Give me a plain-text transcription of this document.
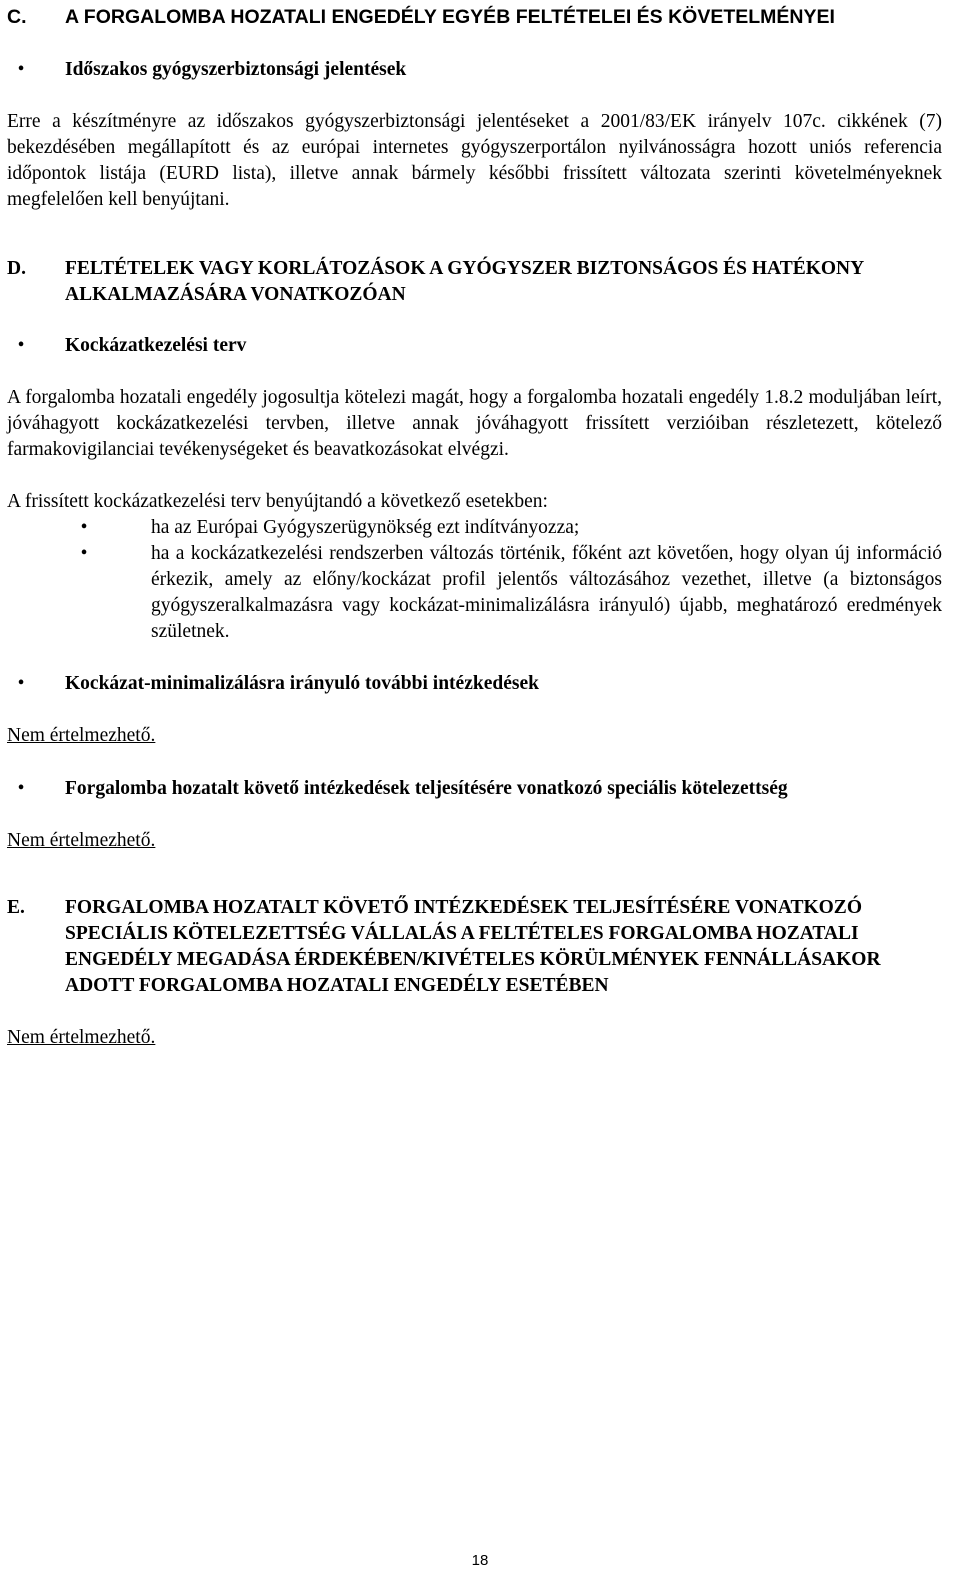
C. A FORGALOMBA HOZATALI ENGEDÉLY EGYÉB FELTÉTELEI ÉS KÖVETELMÉNYEI
•	Időszakos gyógyszerbiztonsági jelentések

Erre a készítményre az időszakos gyógyszerbiztonsági jelentéseket a 2001/83/EK irányelv 107c. cikkének (7) bekezdésében megállapított és az európai internetes gyógyszerportálon nyilvánosságra hozott uniós referencia időpontok listája (EURD lista), illetve annak bármely későbbi frissített változata szerinti követelményeknek megfelelően kell benyújtani.

D. FELTÉTELEK VAGY KORLÁTOZÁSOK A GYÓGYSZER BIZTONSÁGOS ÉS HATÉKONY ALKALMAZÁSÁRA VONATKOZÓAN
•	Kockázatkezelési terv

A forgalomba hozatali engedély jogosultja kötelezi magát, hogy a forgalomba hozatali engedély 1.8.2 moduljában leírt, jóváhagyott kockázatkezelési tervben, illetve annak jóváhagyott frissített verzióiban részletezett, kötelező farmakovigilanciai tevékenységeket és beavatkozásokat elvégzi.

A frissített kockázatkezelési terv benyújtandó a következő esetekben:

•	ha az Európai Gyógyszerügynökség ezt indítványozza;
•	ha a kockázatkezelési rendszerben változás történik, főként azt követően, hogy olyan új információ érkezik, amely az előny/kockázat profil jelentős változásához vezethet, illetve (a biztonságos gyógyszeralkalmazásra vagy kockázat-minimalizálásra irányuló) újabb, meghatározó eredmények születnek.
•	Kockázat-minimalizálásra irányuló további intézkedések

Nem értelmezhető.

•	Forgalomba hozatalt követő intézkedések teljesítésére vonatkozó speciális kötelezettség

Nem értelmezhető.

E. FORGALOMBA HOZATALT KÖVETŐ INTÉZKEDÉSEK TELJESÍTÉSÉRE VONATKOZÓ SPECIÁLIS KÖTELEZETTSÉG VÁLLALÁS A FELTÉTELES FORGALOMBA HOZATALI ENGEDÉLY MEGADÁSA ÉRDEKÉBEN/KIVÉTELES KÖRÜLMÉNYEK FENNÁLLÁSAKOR ADOTT FORGALOMBA HOZATALI ENGEDÉLY ESETÉBEN

Nem értelmezhető.

18
